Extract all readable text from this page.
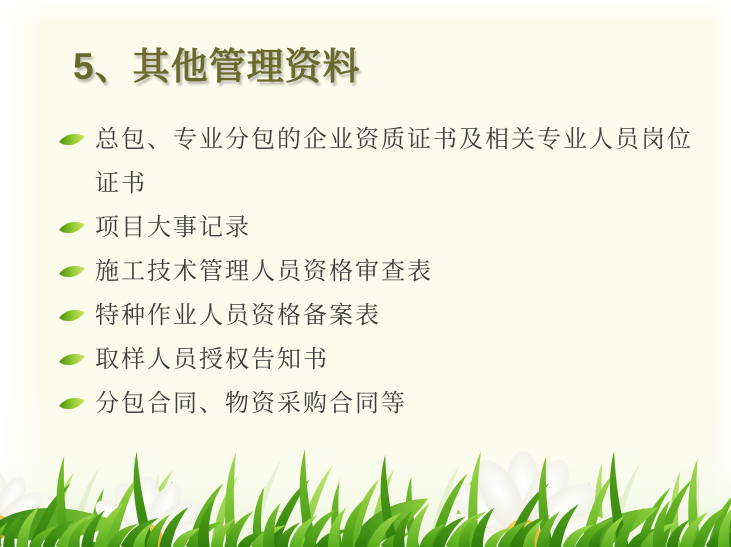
5、其他管理资料
总包、专业分包的企业资质证书及相关专业人员岗位证书
项目大事记录
施工技术管理人员资格审查表
特种作业人员资格备案表
取样人员授权告知书
分包合同、物资采购合同等
